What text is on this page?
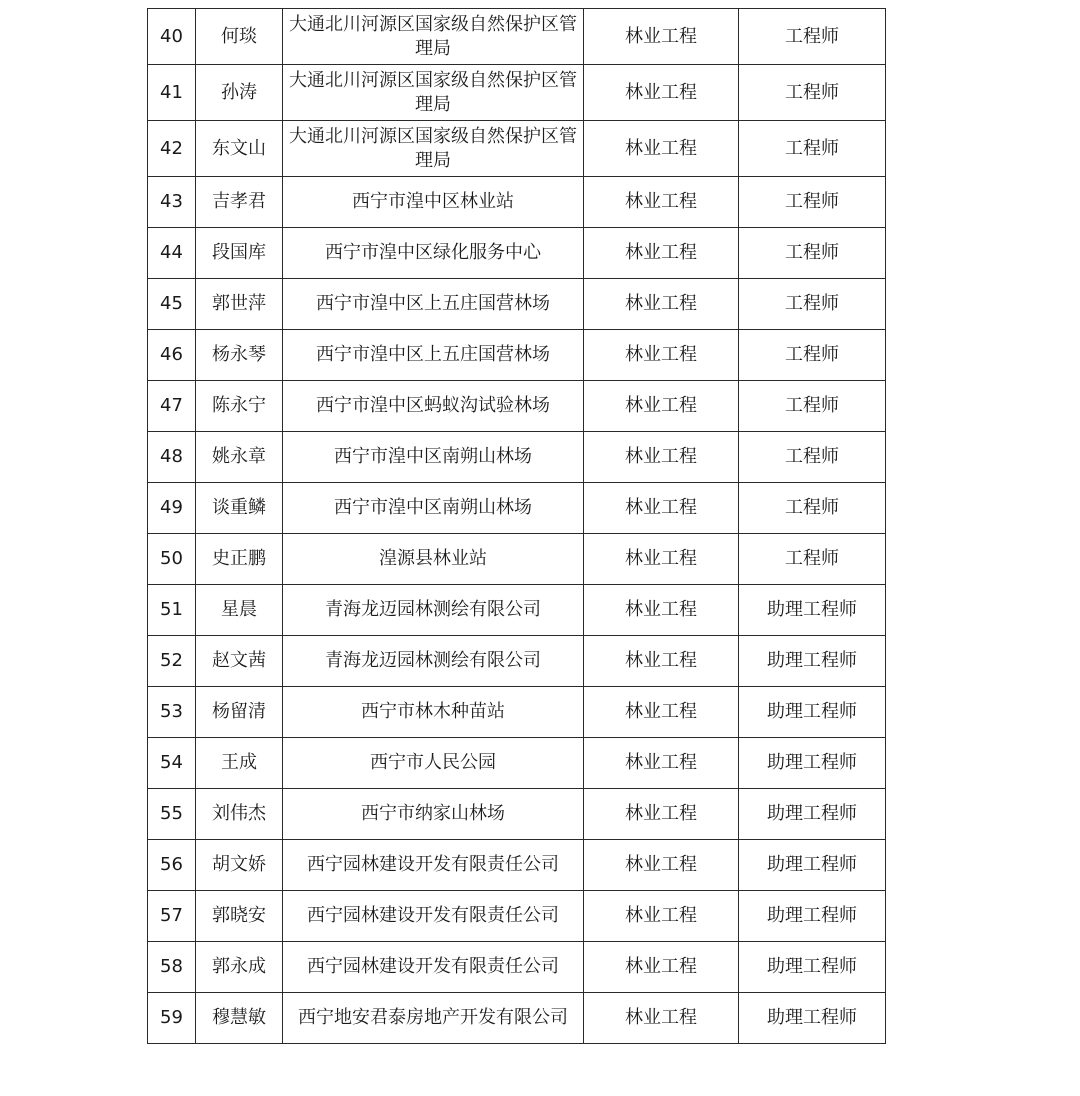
40	何琰	大通北川河源区国家级自然保护区管理局	林业工程	工程师
41	孙涛	大通北川河源区国家级自然保护区管理局	林业工程	工程师
42	东文山	大通北川河源区国家级自然保护区管理局	林业工程	工程师
43	吉孝君	西宁市湟中区林业站	林业工程	工程师
44	段国库	西宁市湟中区绿化服务中心	林业工程	工程师
45	郭世萍	西宁市湟中区上五庄国营林场	林业工程	工程师
46	杨永琴	西宁市湟中区上五庄国营林场	林业工程	工程师
47	陈永宁	西宁市湟中区蚂蚁沟试验林场	林业工程	工程师
48	姚永章	西宁市湟中区南朔山林场	林业工程	工程师
49	谈重鳞	西宁市湟中区南朔山林场	林业工程	工程师
50	史正鹏	湟源县林业站	林业工程	工程师
51	星晨	青海龙迈园林测绘有限公司	林业工程	助理工程师
52	赵文茜	青海龙迈园林测绘有限公司	林业工程	助理工程师
53	杨留清	西宁市林木种苗站	林业工程	助理工程师
54	王成	西宁市人民公园	林业工程	助理工程师
55	刘伟杰	西宁市纳家山林场	林业工程	助理工程师
56	胡文娇	西宁园林建设开发有限责任公司	林业工程	助理工程师
57	郭晓安	西宁园林建设开发有限责任公司	林业工程	助理工程师
58	郭永成	西宁园林建设开发有限责任公司	林业工程	助理工程师
59	穆慧敏	西宁地安君泰房地产开发有限公司	林业工程	助理工程师
